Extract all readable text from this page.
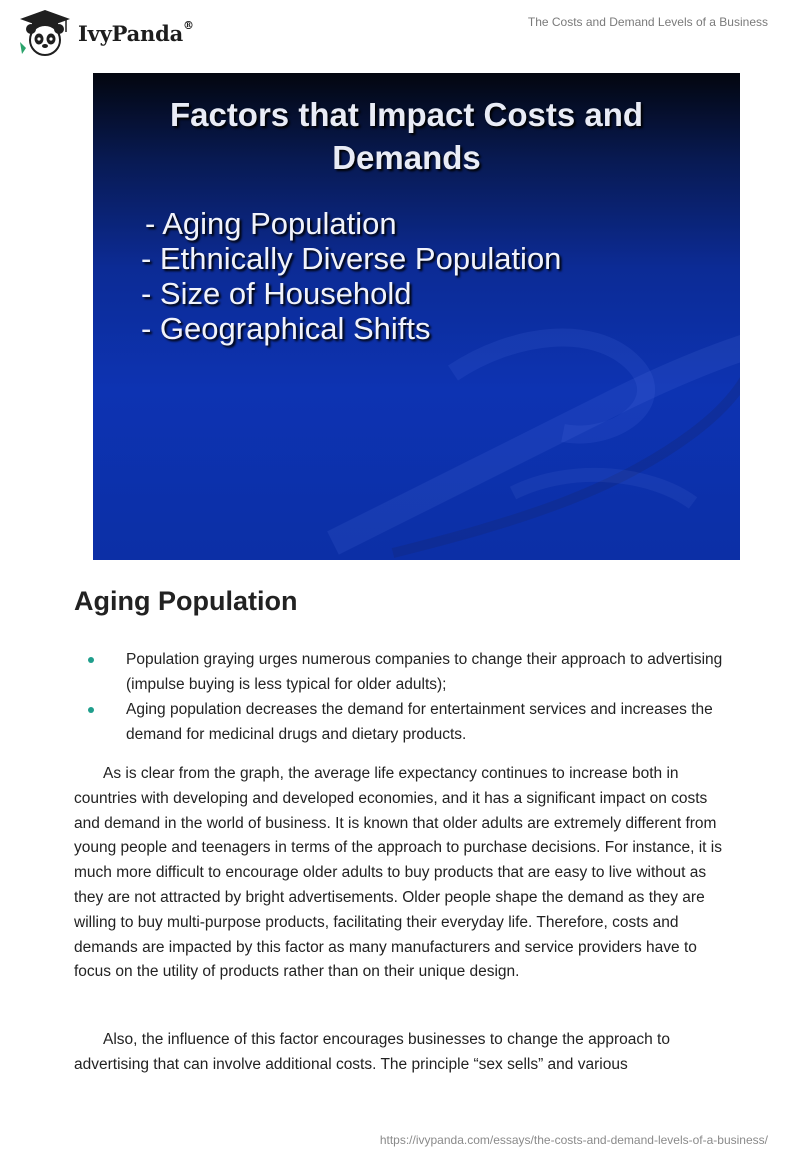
IvyPanda®	The Costs and Demand Levels of a Business
Factors that Impact Costs and Demands
- Aging Population
- Ethnically Diverse Population
- Size of Household
- Geographical Shifts
Aging Population
Population graying urges numerous companies to change their approach to advertising (impulse buying is less typical for older adults);
Aging population decreases the demand for entertainment services and increases the demand for medicinal drugs and dietary products.

As is clear from the graph, the average life expectancy continues to increase both in countries with developing and developed economies, and it has a significant impact on costs and demand in the world of business. It is known that older adults are extremely different from young people and teenagers in terms of the approach to purchase decisions. For instance, it is much more difficult to encourage older adults to buy products that are easy to live without as they are not attracted by bright advertisements. Older people shape the demand as they are willing to buy multi-purpose products, facilitating their everyday life. Therefore, costs and demands are impacted by this factor as many manufacturers and service providers have to focus on the utility of products rather than on their unique design.

Also, the influence of this factor encourages businesses to change the approach to advertising that can involve additional costs. The principle “sex sells” and various

https://ivypanda.com/essays/the-costs-and-demand-levels-of-a-business/
